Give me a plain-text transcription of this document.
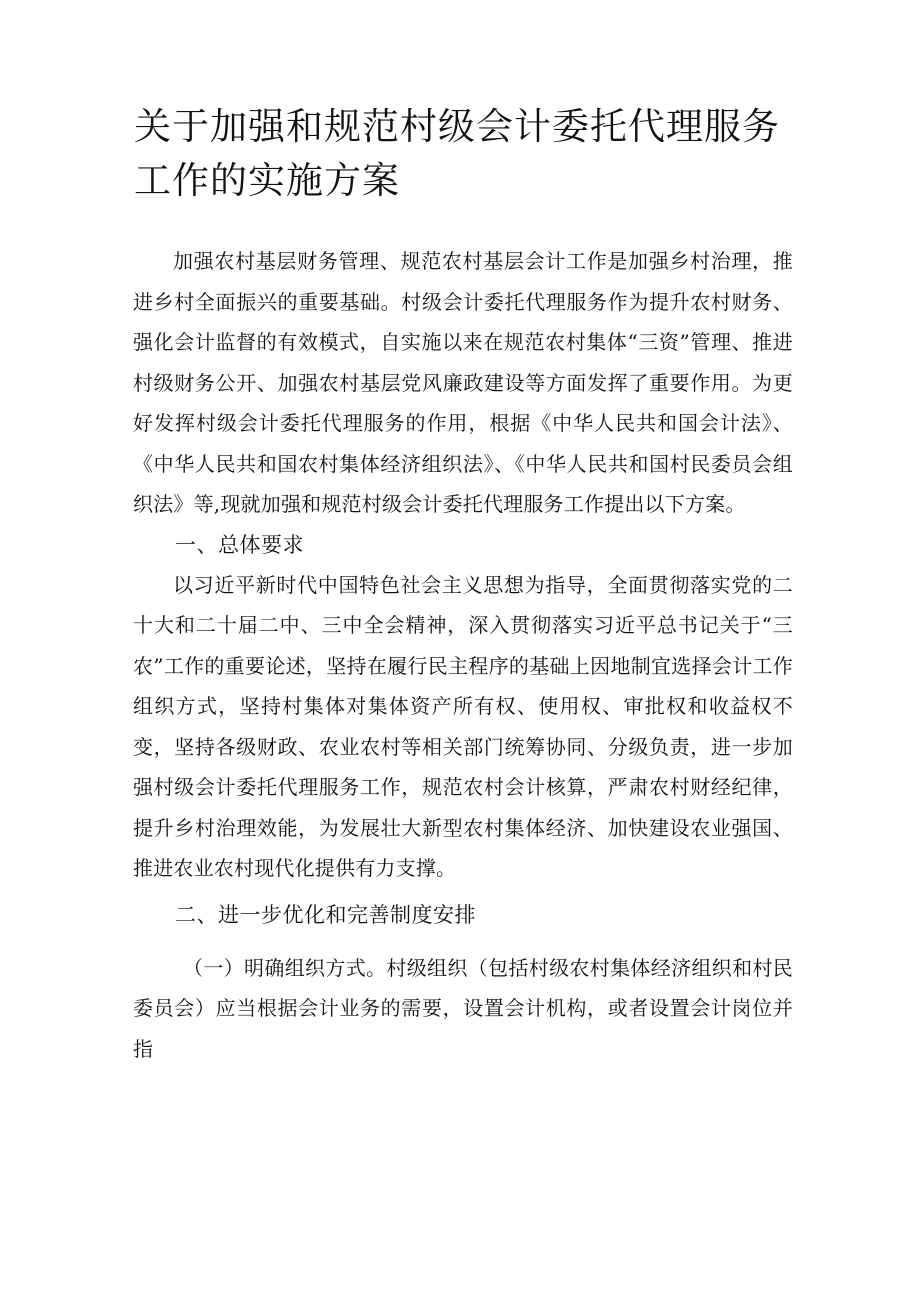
关于加强和规范村级会计委托代理服务工作的实施方案

加强农村基层财务管理、规范农村基层会计工作是加强乡村治理，推进乡村全面振兴的重要基础。村级会计委托代理服务作为提升农村财务、强化会计监督的有效模式，自实施以来在规范农村集体“三资”管理、推进村级财务公开、加强农村基层党风廉政建设等方面发挥了重要作用。为更好发挥村级会计委托代理服务的作用，根据《中华人民共和国会计法》、《中华人民共和国农村集体经济组织法》、《中华人民共和国村民委员会组织法》等,现就加强和规范村级会计委托代理服务工作提出以下方案。

一、总体要求

以习近平新时代中国特色社会主义思想为指导，全面贯彻落实党的二十大和二十届二中、三中全会精神，深入贯彻落实习近平总书记关于“三农”工作的重要论述，坚持在履行民主程序的基础上因地制宜选择会计工作组织方式，坚持村集体对集体资产所有权、使用权、审批权和收益权不变，坚持各级财政、农业农村等相关部门统筹协同、分级负责，进一步加强村级会计委托代理服务工作，规范农村会计核算，严肃农村财经纪律，提升乡村治理效能，为发展壮大新型农村集体经济、加快建设农业强国、推进农业农村现代化提供有力支撑。

二、进一步优化和完善制度安排

（一）明确组织方式。村级组织（包括村级农村集体经济组织和村民委员会）应当根据会计业务的需要，设置会计机构，或者设置会计岗位并指
